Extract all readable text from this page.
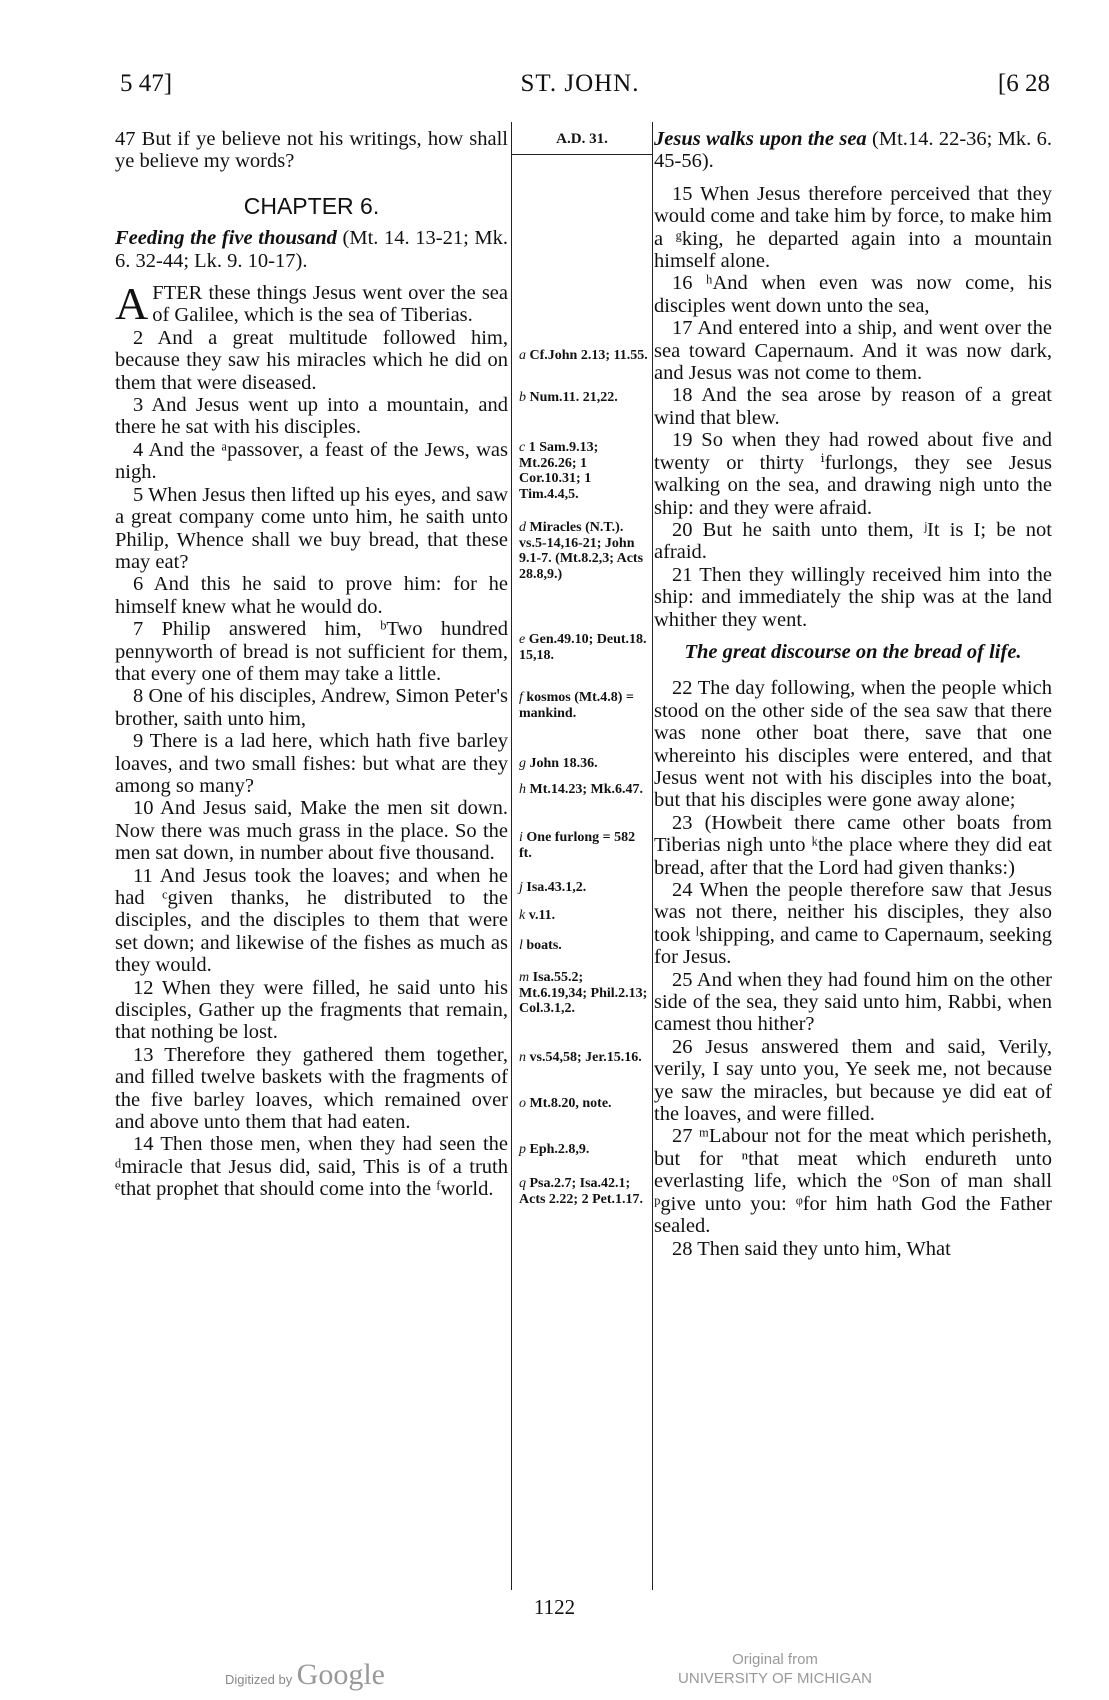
5 47]	ST. JOHN.	[6 28

47 But if ye believe not his writings, how shall ye believe my words?

CHAPTER 6.

Feeding the five thousand (Mt. 14. 13-21; Mk. 6. 32-44; Lk. 9. 10-17).

AFTER these things Jesus went over the sea of Galilee, which is the sea of Tiberias.

2 And a great multitude followed him, because they saw his miracles which he did on them that were diseased.

3 And Jesus went up into a mountain, and there he sat with his disciples.

4 And the ᵃpassover, a feast of the Jews, was nigh.

5 When Jesus then lifted up his eyes, and saw a great company come unto him, he saith unto Philip, Whence shall we buy bread, that these may eat?

6 And this he said to prove him: for he himself knew what he would do.

7 Philip answered him, ᵇTwo hundred pennyworth of bread is not sufficient for them, that every one of them may take a little.

8 One of his disciples, Andrew, Simon Peter's brother, saith unto him,

9 There is a lad here, which hath five barley loaves, and two small fishes: but what are they among so many?

10 And Jesus said, Make the men sit down. Now there was much grass in the place. So the men sat down, in number about five thousand.

11 And Jesus took the loaves; and when he had ᶜgiven thanks, he distributed to the disciples, and the disciples to them that were set down; and likewise of the fishes as much as they would.

12 When they were filled, he said unto his disciples, Gather up the fragments that remain, that nothing be lost.

13 Therefore they gathered them together, and filled twelve baskets with the fragments of the five barley loaves, which remained over and above unto them that had eaten.

14 Then those men, when they had seen the ᵈmiracle that Jesus did, said, This is of a truth ᵉthat prophet that should come into the ᶠworld.

A.D. 31.
a Cf.John 2.13; 11.55.
b Num.11. 21,22.
c 1 Sam.9.13; Mt.26.26; 1 Cor.10.31; 1 Tim.4.4,5.
d Miracles (N.T.). vs.5-14,16-21; John 9.1-7. (Mt.8.2,3; Acts 28.8,9.)
e Gen.49.10; Deut.18. 15,18.
f kosmos (Mt.4.8) = mankind.
g John 18.36.
h Mt.14.23; Mk.6.47.
i One furlong = 582 ft.
j Isa.43.1,2.
k v.11.
l boats.
m Isa.55.2; Mt.6.19,34; Phil.2.13; Col.3.1,2.
n vs.54,58; Jer.15.16.
o Mt.8.20, note.
p Eph.2.8,9.
q Psa.2.7; Isa.42.1; Acts 2.22; 2 Pet.1.17.

Jesus walks upon the sea (Mt.14. 22-36; Mk. 6. 45-56).

15 When Jesus therefore perceived that they would come and take him by force, to make him a ᵍking, he departed again into a mountain himself alone.

16 ʰAnd when even was now come, his disciples went down unto the sea,

17 And entered into a ship, and went over the sea toward Capernaum. And it was now dark, and Jesus was not come to them.

18 And the sea arose by reason of a great wind that blew.

19 So when they had rowed about five and twenty or thirty ⁱfurlongs, they see Jesus walking on the sea, and drawing nigh unto the ship: and they were afraid.

20 But he saith unto them, ʲIt is I; be not afraid.

21 Then they willingly received him into the ship: and immediately the ship was at the land whither they went.

The great discourse on the bread of life.

22 The day following, when the people which stood on the other side of the sea saw that there was none other boat there, save that one whereinto his disciples were entered, and that Jesus went not with his disciples into the boat, but that his disciples were gone away alone;

23 (Howbeit there came other boats from Tiberias nigh unto ᵏthe place where they did eat bread, after that the Lord had given thanks:)

24 When the people therefore saw that Jesus was not there, neither his disciples, they also took ˡshipping, and came to Capernaum, seeking for Jesus.

25 And when they had found him on the other side of the sea, they said unto him, Rabbi, when camest thou hither?

26 Jesus answered them and said, Verily, verily, I say unto you, Ye seek me, not because ye saw the miracles, but because ye did eat of the loaves, and were filled.

27 ᵐLabour not for the meat which perisheth, but for ⁿthat meat which endureth unto everlasting life, which the ᵒSon of man shall ᵖgive unto you: ᵠfor him hath God the Father sealed.

28 Then said they unto him, What

1122
Digitized by Google	Original from
UNIVERSITY OF MICHIGAN
